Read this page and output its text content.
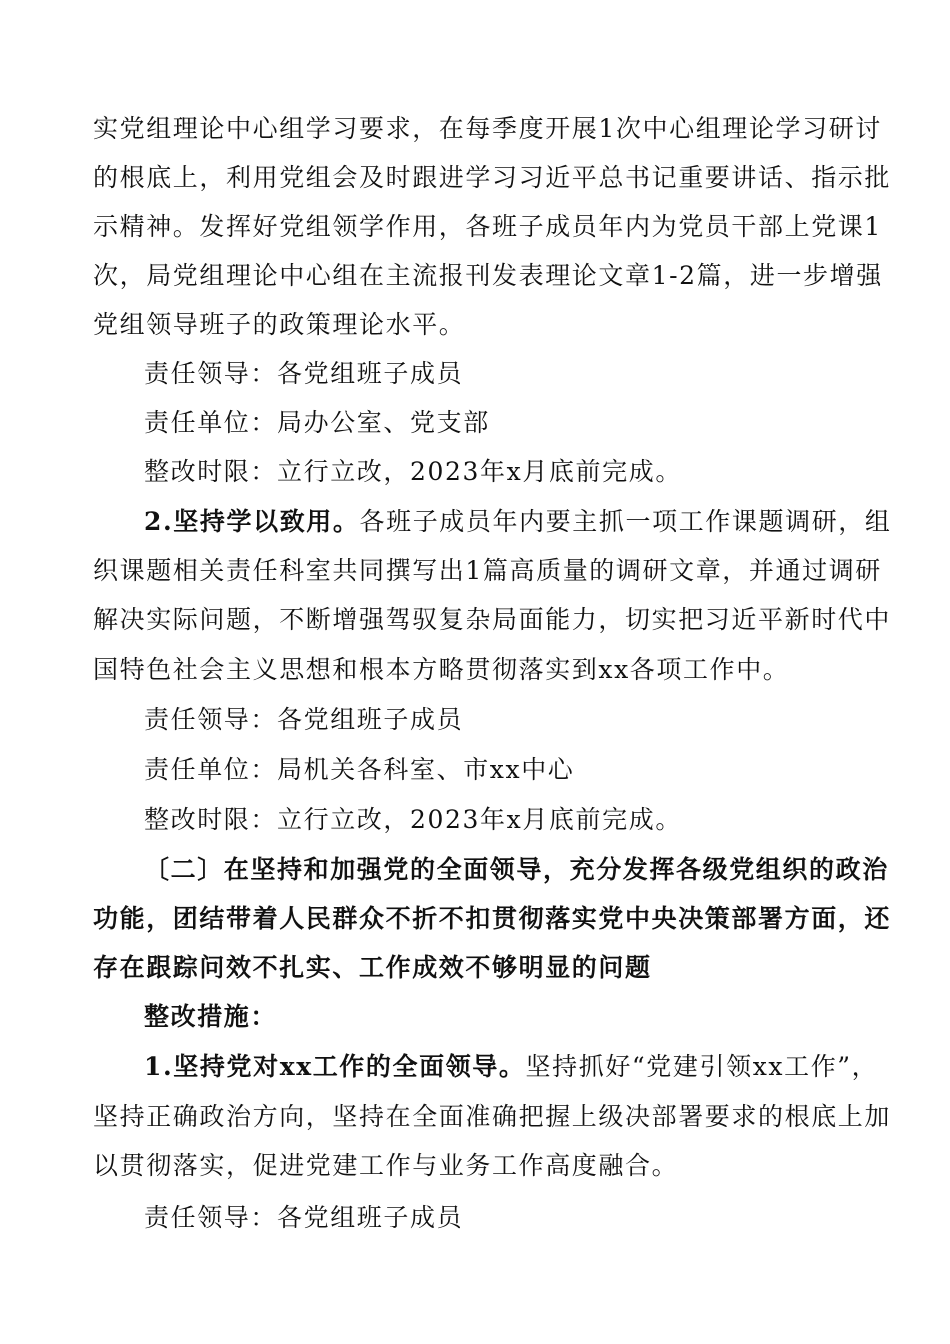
实党组理论中心组学习要求，在每季度开展1次中心组理论学习研讨
的根底上，利用党组会及时跟进学习习近平总书记重要讲话、指示批
示精神。发挥好党组领学作用，各班子成员年内为党员干部上党课1
次，局党组理论中心组在主流报刊发表理论文章1-2篇，进一步增强
党组领导班子的政策理论水平。
责任领导：各党组班子成员
责任单位：局办公室、党支部
整改时限：立行立改，2023年x月底前完成。
2.坚持学以致用。各班子成员年内要主抓一项工作课题调研，组
织课题相关责任科室共同撰写出1篇高质量的调研文章，并通过调研
解决实际问题，不断增强驾驭复杂局面能力，切实把习近平新时代中
国特色社会主义思想和根本方略贯彻落实到xx各项工作中。
责任领导：各党组班子成员
责任单位：局机关各科室、市xx中心
整改时限：立行立改，2023年x月底前完成。
〔二〕在坚持和加强党的全面领导，充分发挥各级党组织的政治
功能，团结带着人民群众不折不扣贯彻落实党中央决策部署方面，还
存在跟踪问效不扎实、工作成效不够明显的问题
整改措施：
1.坚持党对xx工作的全面领导。坚持抓好“党建引领xx工作”，
坚持正确政治方向，坚持在全面准确把握上级决部署要求的根底上加
以贯彻落实，促进党建工作与业务工作高度融合。
责任领导：各党组班子成员
